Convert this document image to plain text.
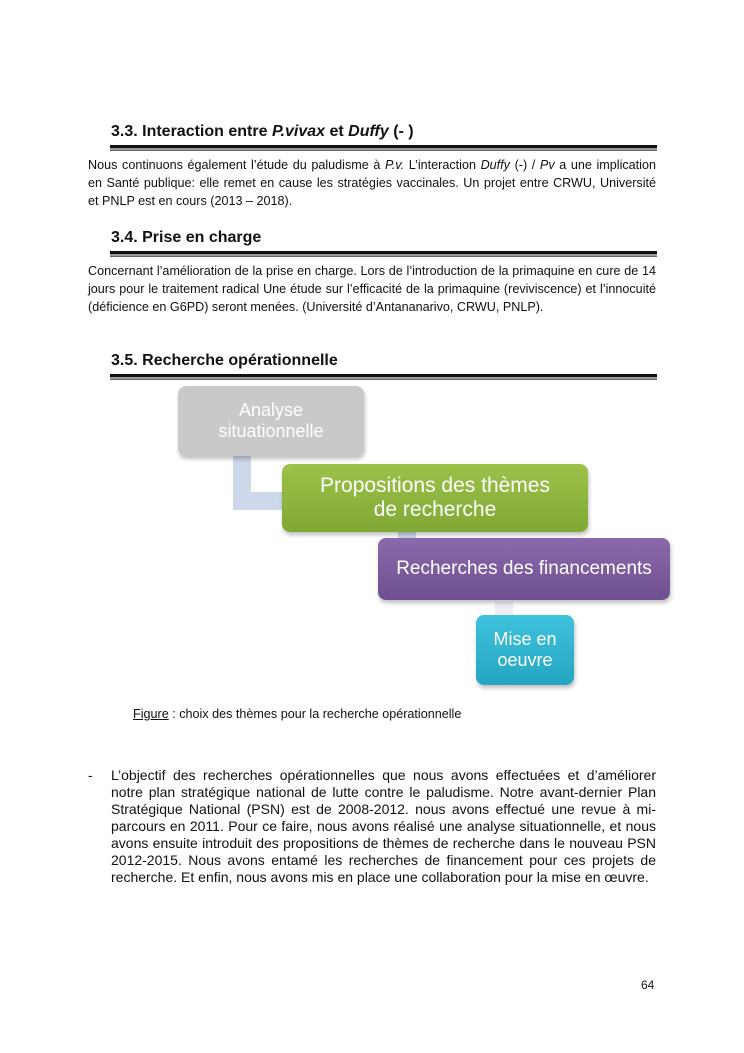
3.3. Interaction entre P.vivax et Duffy (- )

Nous continuons également l’étude du paludisme à P.v. L’interaction Duffy (-) / Pv a une implication en Santé publique: elle remet en cause les stratégies vaccinales. Un projet entre CRWU, Université et PNLP est en cours (2013 – 2018).

3.4. Prise en charge

Concernant l’amélioration de la prise en charge. Lors de l’introduction de la primaquine en cure de 14 jours pour le traitement radical Une étude sur l’efficacité de la primaquine (reviviscence) et l’innocuité (déficience en G6PD) seront menées. (Université d’Antananarivo, CRWU, PNLP).

3.5. Recherche opérationnelle
Analyse
situationnelle
Propositions des thèmes
de recherche
Recherches des financements
Mise en
oeuvre
Figure : choix des thèmes pour la recherche opérationnelle
- L’objectif des recherches opérationnelles que nous avons effectuées et d’améliorer notre plan stratégique national de lutte contre le paludisme. Notre avant-dernier Plan Stratégique National (PSN) est de 2008-2012. nous avons effectué une revue à mi-parcours en 2011. Pour ce faire, nous avons réalisé une analyse situationnelle, et nous avons ensuite introduit des propositions de thèmes de recherche dans le nouveau PSN 2012-2015. Nous avons entamé les recherches de financement pour ces projets de recherche. Et enfin, nous avons mis en place une collaboration pour la mise en œuvre.

64
